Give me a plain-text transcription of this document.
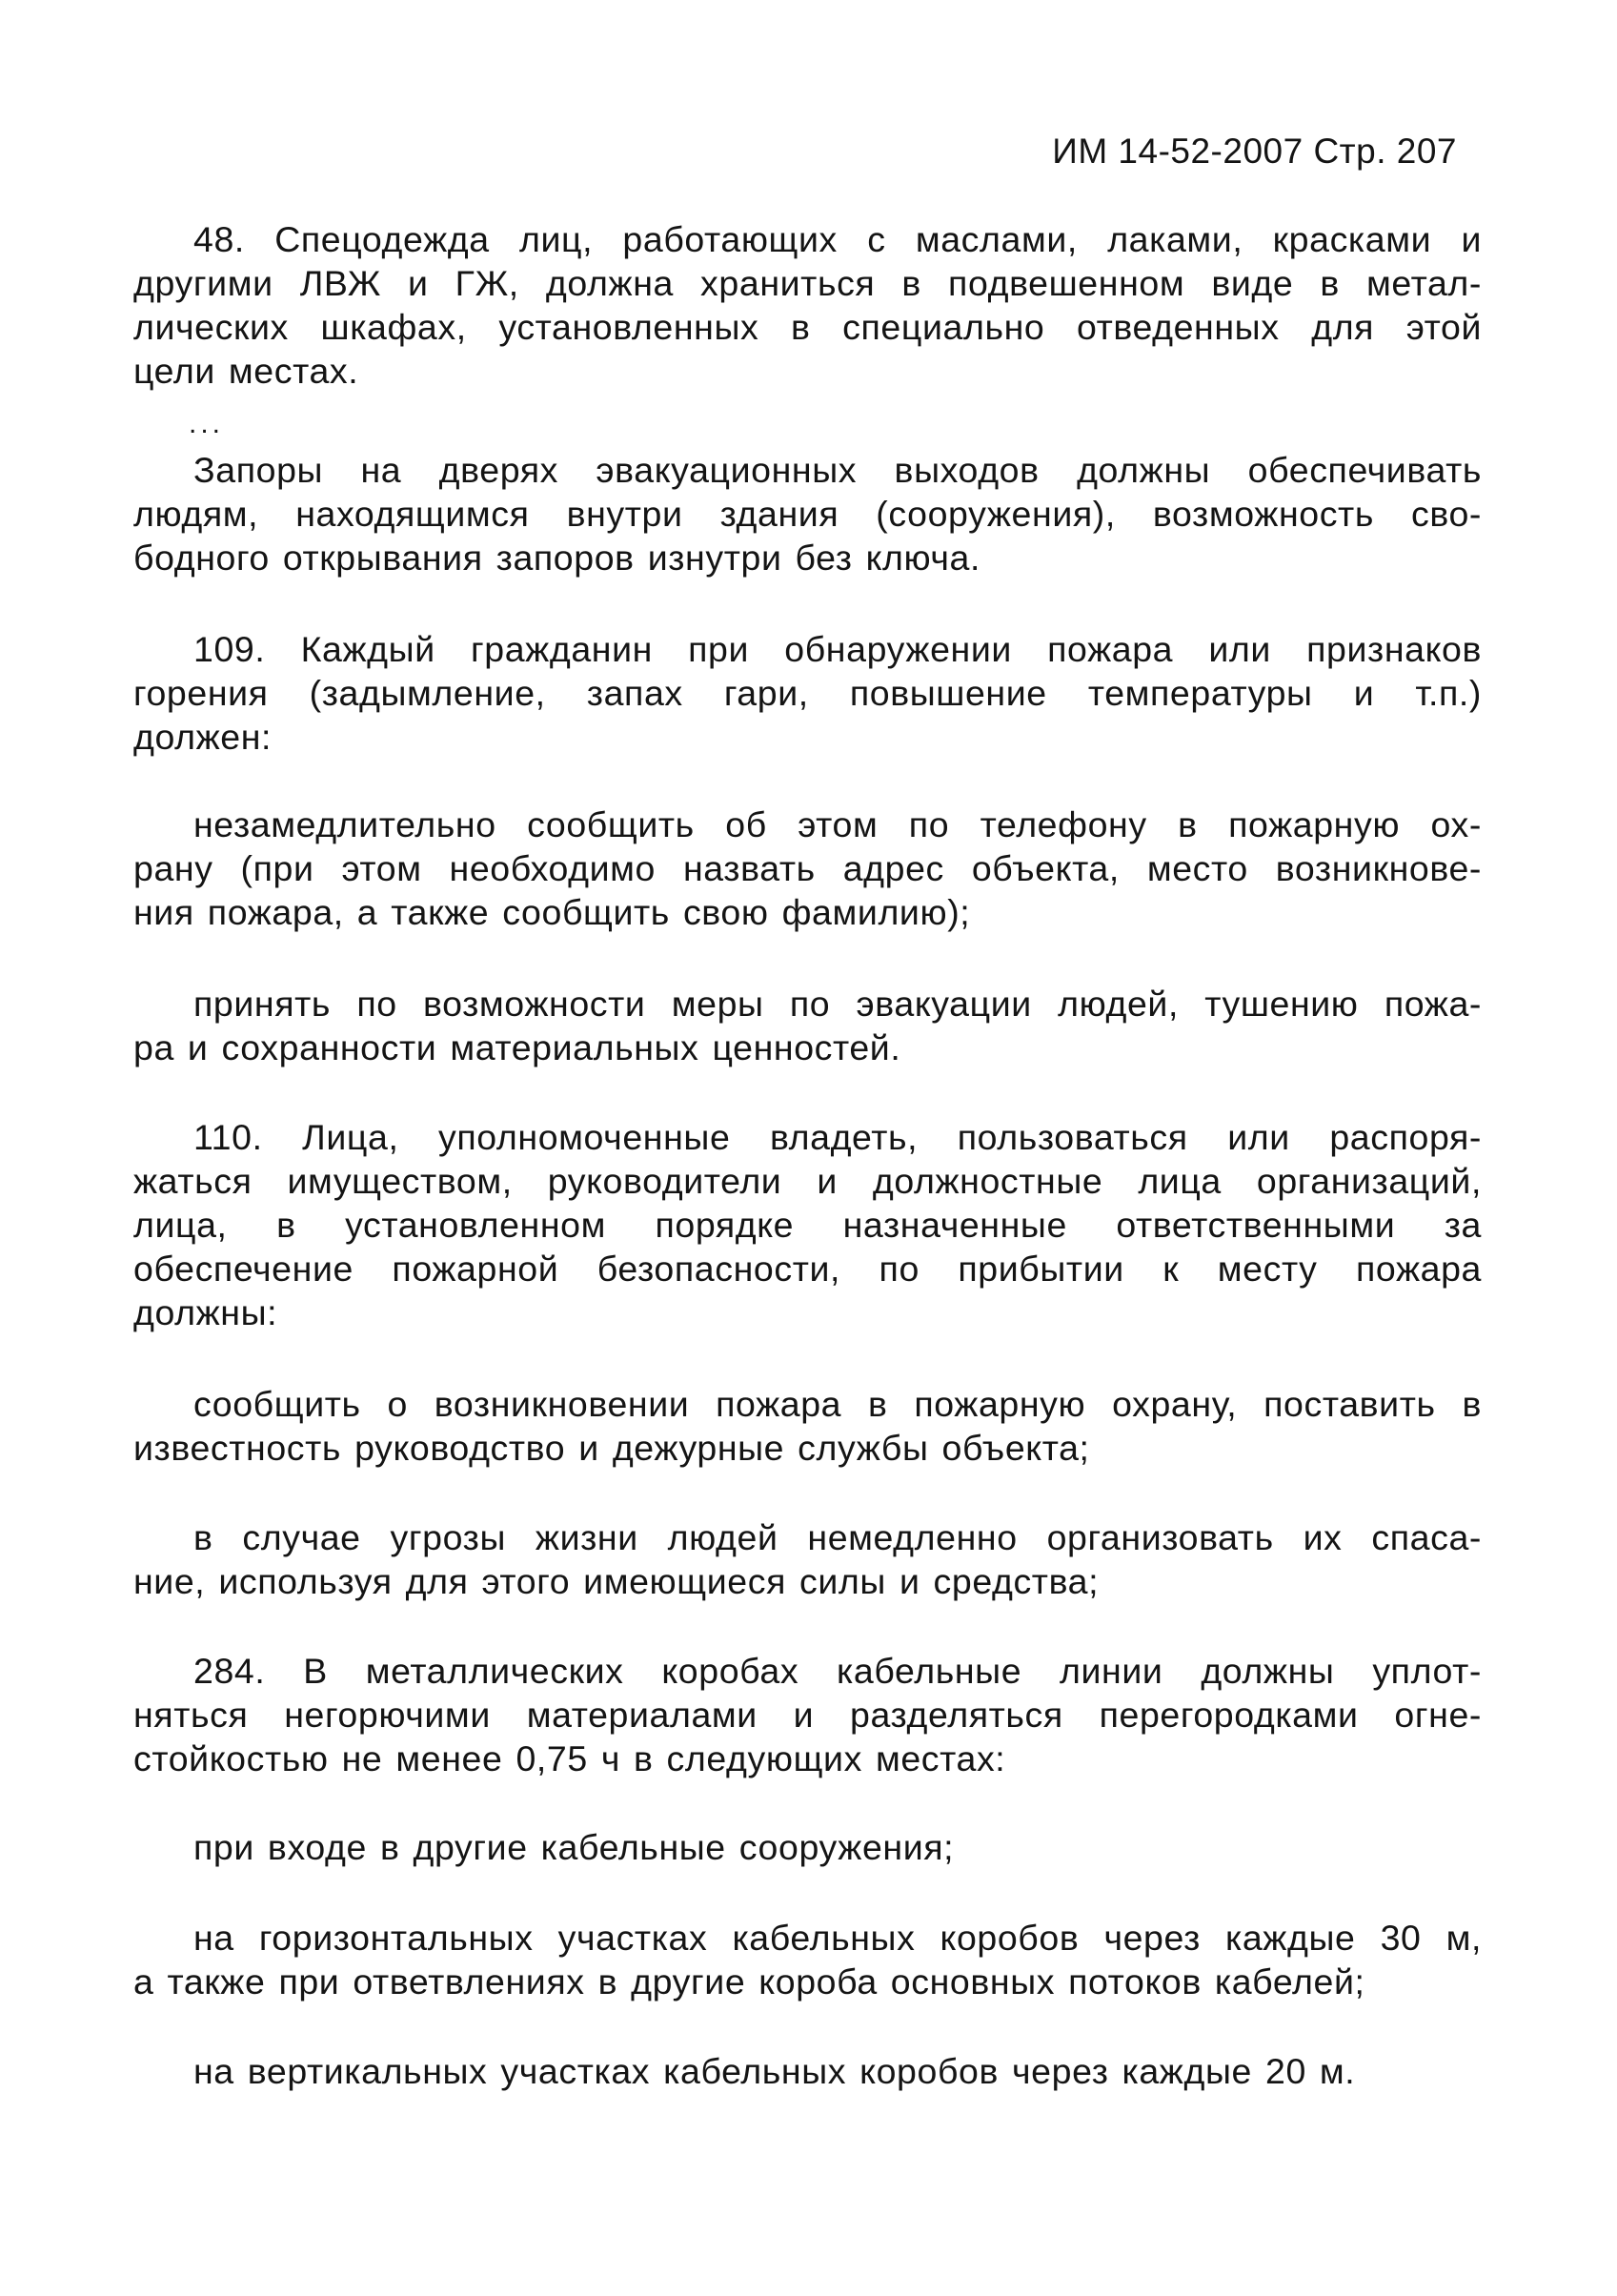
ИМ 14-52-2007 Стр. 207
48. Спецодежда лиц, работающих с маслами, лаками, красками и
другими ЛВЖ и ГЖ, должна храниться в подвешенном виде в метал-
лических шкафах, установленных в специально отведенных для этой
цели местах.
...
Запоры на дверях эвакуационных выходов должны обеспечивать
людям, находящимся внутри здания (сооружения), возможность сво-
бодного открывания запоров изнутри без ключа.
109. Каждый гражданин при обнаружении пожара или признаков
горения (задымление, запах гари, повышение температуры и т.п.)
должен:
незамедлительно сообщить об этом по телефону в пожарную ох-
рану (при этом необходимо назвать адрес объекта, место возникнове-
ния пожара, а также сообщить свою фамилию);
принять по возможности меры по эвакуации людей, тушению пожа-
ра и сохранности материальных ценностей.
110. Лица, уполномоченные владеть, пользоваться или распоря-
жаться имуществом, руководители и должностные лица организаций,
лица, в установленном порядке назначенные ответственными за
обеспечение пожарной безопасности, по прибытии к месту пожара
должны:
сообщить о возникновении пожара в пожарную охрану, поставить в
известность руководство и дежурные службы объекта;
в случае угрозы жизни людей немедленно организовать их спаса-
ние, используя для этого имеющиеся силы и средства;
284. В металлических коробах кабельные линии должны уплот-
няться негорючими материалами и разделяться перегородками огне-
стойкостью не менее 0,75 ч в следующих местах:
при входе в другие кабельные сооружения;
на горизонтальных участках кабельных коробов через каждые 30 м,
а также при ответвлениях в другие короба основных потоков кабелей;
на вертикальных участках кабельных коробов через каждые 20 м.
